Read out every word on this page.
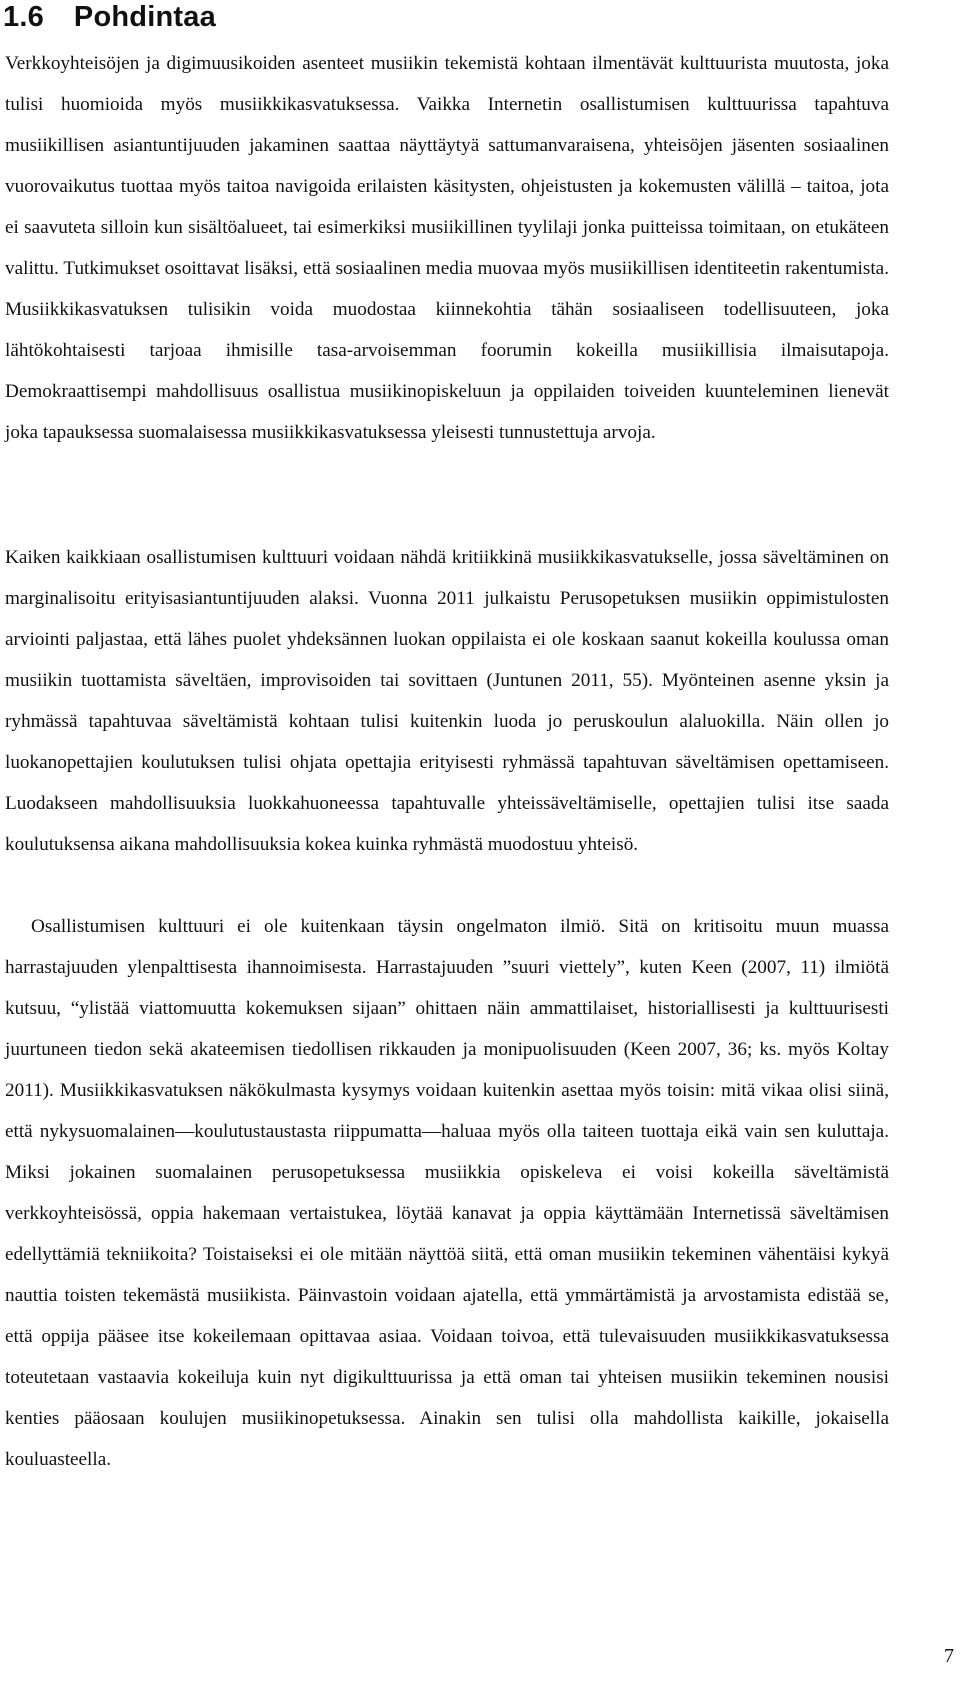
1.6 Pohdintaa

Verkkoyhteisöjen ja digimuusikoiden asenteet musiikin tekemistä kohtaan ilmentävät kulttuurista muutosta, joka tulisi huomioida myös musiikkikasvatuksessa. Vaikka Internetin osallistumisen kulttuurissa tapahtuva musiikillisen asiantuntijuuden jakaminen saattaa näyttäytyä sattumanvaraisena, yhteisöjen jäsenten sosiaalinen vuorovaikutus tuottaa myös taitoa navigoida erilaisten käsitysten, ohjeistusten ja kokemusten välillä – taitoa, jota ei saavuteta silloin kun sisältöalueet, tai esimerkiksi musiikillinen tyylilaji jonka puitteissa toimitaan, on etukäteen valittu. Tutkimukset osoittavat lisäksi, että sosiaalinen media muovaa myös musiikillisen identiteetin rakentumista. Musiikkikasvatuksen tulisikin voida muodostaa kiinnekohtia tähän sosiaaliseen todellisuuteen, joka lähtökohtaisesti tarjoaa ihmisille tasa-arvoisemman foorumin kokeilla musiikillisia ilmaisutapoja. Demokraattisempi mahdollisuus osallistua musiikinopiskeluun ja oppilaiden toiveiden kuunteleminen lienevät joka tapauksessa suomalaisessa musiikkikasvatuksessa yleisesti tunnustettuja arvoja.

Kaiken kaikkiaan osallistumisen kulttuuri voidaan nähdä kritiikkinä musiikkikasvatukselle, jossa säveltäminen on marginalisoitu erityisasiantuntijuuden alaksi. Vuonna 2011 julkaistu Perusopetuksen musiikin oppimistulosten arviointi paljastaa, että lähes puolet yhdeksännen luokan oppilaista ei ole koskaan saanut kokeilla koulussa oman musiikin tuottamista säveltäen, improvisoiden tai sovittaen (Juntunen 2011, 55). Myönteinen asenne yksin ja ryhmässä tapahtuvaa säveltämistä kohtaan tulisi kuitenkin luoda jo peruskoulun alaluokilla. Näin ollen jo luokanopettajien koulutuksen tulisi ohjata opettajia erityisesti ryhmässä tapahtuvan säveltämisen opettamiseen. Luodakseen mahdollisuuksia luokkahuoneessa tapahtuvalle yhteissäveltämiselle, opettajien tulisi itse saada koulutuksensa aikana mahdollisuuksia kokea kuinka ryhmästä muodostuu yhteisö.

Osallistumisen kulttuuri ei ole kuitenkaan täysin ongelmaton ilmiö. Sitä on kritisoitu muun muassa harrastajuuden ylenpalttisesta ihannoimisesta. Harrastajuuden ”suuri viettely”, kuten Keen (2007, 11) ilmiötä kutsuu, “ylistää viattomuutta kokemuksen sijaan” ohittaen näin ammattilaiset, historiallisesti ja kulttuurisesti juurtuneen tiedon sekä akateemisen tiedollisen rikkauden ja monipuolisuuden (Keen 2007, 36; ks. myös Koltay 2011). Musiikkikasvatuksen näkökulmasta kysymys voidaan kuitenkin asettaa myös toisin: mitä vikaa olisi siinä, että nykysuomalainen—koulutustaustasta riippumatta—haluaa myös olla taiteen tuottaja eikä vain sen kuluttaja. Miksi jokainen suomalainen perusopetuksessa musiikkia opiskeleva ei voisi kokeilla säveltämistä verkkoyhteisössä, oppia hakemaan vertaistukea, löytää kanavat ja oppia käyttämään Internetissä säveltämisen edellyttämiä tekniikoita? Toistaiseksi ei ole mitään näyttöä siitä, että oman musiikin tekeminen vähentäisi kykyä nauttia toisten tekemästä musiikista. Päinvastoin voidaan ajatella, että ymmärtämistä ja arvostamista edistää se, että oppija pääsee itse kokeilemaan opittavaa asiaa. Voidaan toivoa, että tulevaisuuden musiikkikasvatuksessa toteutetaan vastaavia kokeiluja kuin nyt digikulttuurissa ja että oman tai yhteisen musiikin tekeminen nousisi kenties pääosaan koulujen musiikinopetuksessa. Ainakin sen tulisi olla mahdollista kaikille, jokaisella kouluasteella.

7
